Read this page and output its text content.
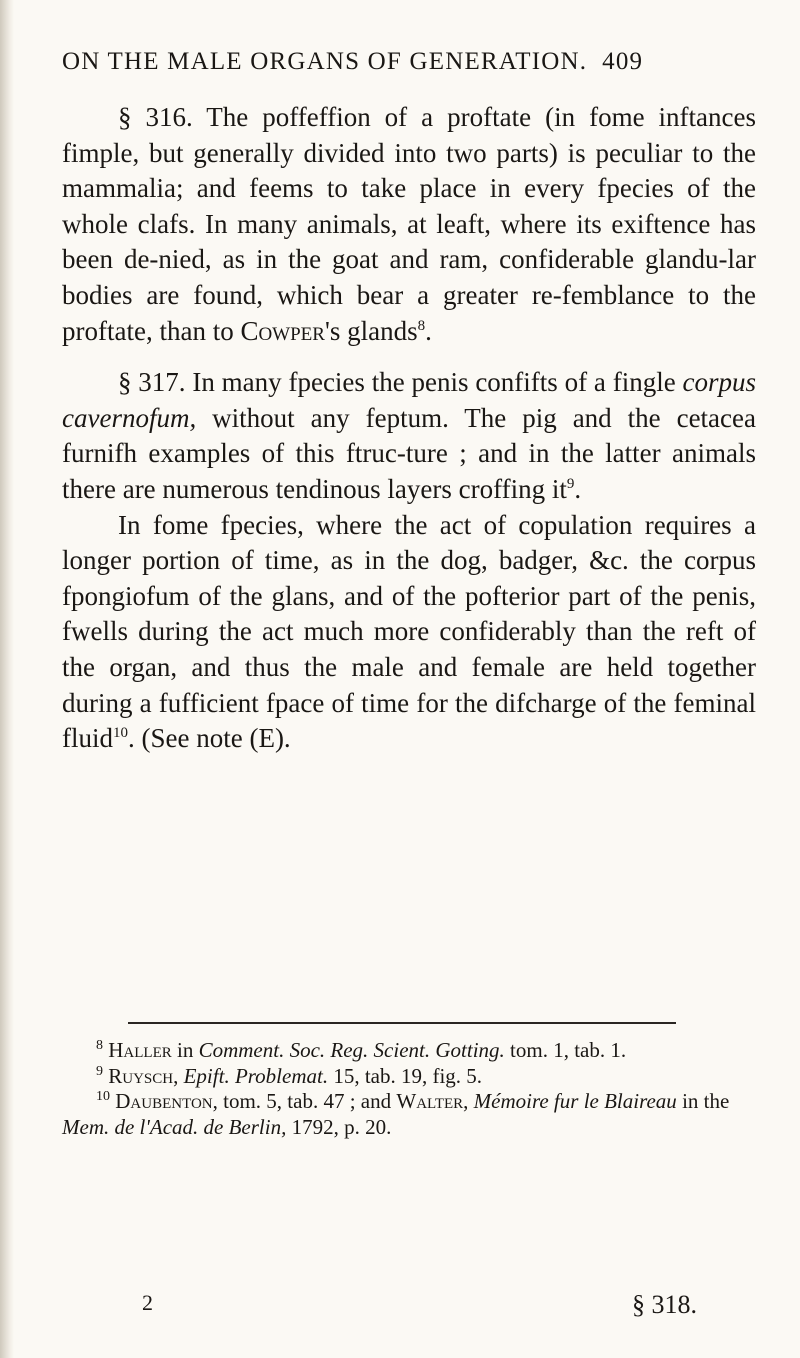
ON THE MALE ORGANS OF GENERATION. 409

§ 316. The poffeffion of a proftate (in fome inftances fimple, but generally divided into two parts) is peculiar to the mammalia; and feems to take place in every fpecies of the whole clafs. In many animals, at leaft, where its exiftence has been de-nied, as in the goat and ram, confiderable glandu-lar bodies are found, which bear a greater re-femblance to the proftate, than to Cowper's glands$^8$.

§ 317. In many fpecies the penis confifts of a fingle corpus cavernofum, without any feptum. The pig and the cetacea furnifh examples of this ftruc-ture ; and in the latter animals there are numerous tendinous layers croffing $it^9$.

In fome fpecies, where the act of copulation requires a longer portion of time, as in the dog, badger, &c. the corpus fpongiofum of the glans, and of the pofterior part of the penis, fwells during the act much more confiderably than the reft of the organ, and thus the male and female are held together during a fufficient fpace of time for the difcharge of the feminal fluid$^{10}$. (See note (E).

$^8$ Haller in Comment. Soc. Reg. Scient. Gotting. tom. 1, tab. 1.

$^9$ Ruysch, Epift. Problemat. 15, tab. 19, fig. 5.

$^{10}$ Daubenton, tom. 5, tab. 47 ; and Walter, Mémoire fur le Blaireau in the Mem. de l'Acad. de Berlin, 1792, p. 20.

2	§ 318.
